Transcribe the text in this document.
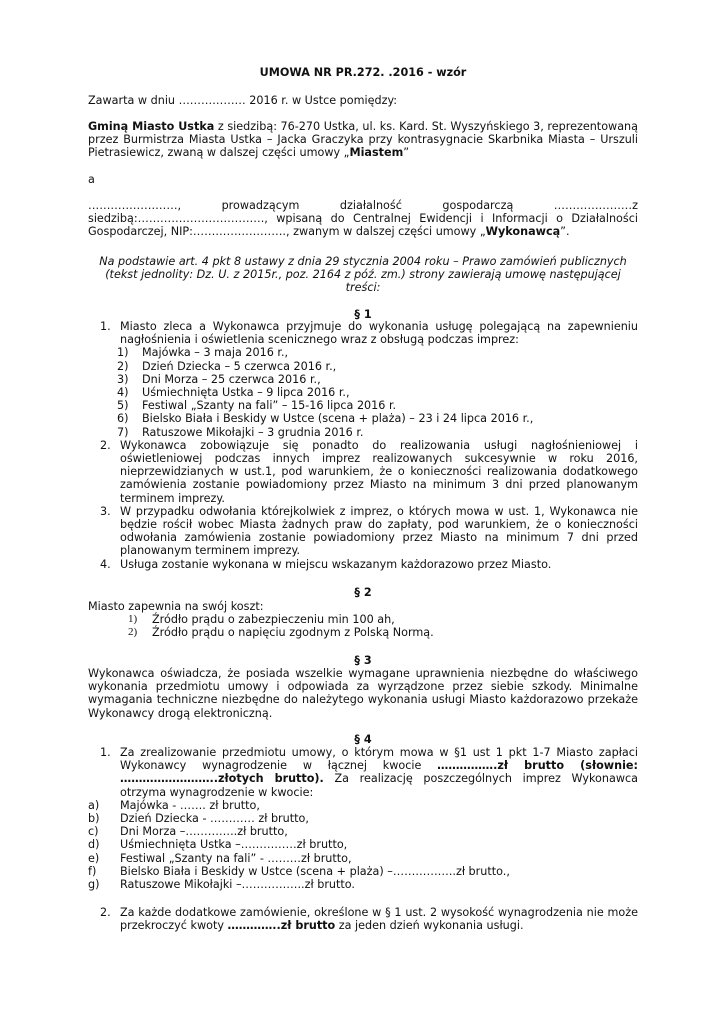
UMOWA NR PR.272. .2016 - wzór

Zawarta w dniu ……………… 2016 r. w Ustce pomiędzy:

Gminą Miasto Ustka z siedzibą: 76-270 Ustka, ul. ks. Kard. St. Wyszyńskiego 3, reprezentowaną przez Burmistrza Miasta Ustka – Jacka Graczyka przy kontrasygnacie Skarbnika Miasta – Urszuli Pietrasiewicz, zwaną w dalszej części umowy „Miastem”

a

……………………, prowadzącym działalność gospodarczą …………………z siedzibą:……………………………., wpisaną do Centralnej Ewidencji i Informacji o Działalności Gospodarczej, NIP:……………………., zwanym w dalszej części umowy „Wykonawcą”.

Na podstawie art. 4 pkt 8 ustawy z dnia 29 stycznia 2004 roku – Prawo zamówień publicznych (tekst jednolity: Dz. U. z 2015r., poz. 2164 z póź. zm.) strony zawierają umowę następującej treści:

§ 1

1. Miasto zleca a Wykonawca przyjmuje do wykonania usługę polegającą na zapewnieniu nagłośnienia i oświetlenia scenicznego wraz z obsługą podczas imprez:
1) Majówka – 3 maja 2016 r.,
2) Dzień Dziecka – 5 czerwca 2016 r.,
3) Dni Morza – 25 czerwca 2016 r.,
4) Uśmiechnięta Ustka – 9 lipca 2016 r.,
5) Festiwal „Szanty na fali” – 15-16 lipca 2016 r.
6) Bielsko Biała i Beskidy w Ustce (scena + plaża) – 23 i 24 lipca 2016 r.,
7) Ratuszowe Mikołajki – 3 grudnia 2016 r.
2. Wykonawca zobowiązuje się ponadto do realizowania usługi nagłośnieniowej i oświetleniowej podczas innych imprez realizowanych sukcesywnie w roku 2016, nieprzewidzianych w ust.1, pod warunkiem, że o konieczności realizowania dodatkowego zamówienia zostanie powiadomiony przez Miasto na minimum 3 dni przed planowanym terminem imprezy.
3. W przypadku odwołania którejkolwiek z imprez, o których mowa w ust. 1, Wykonawca nie będzie rościł wobec Miasta żadnych praw do zapłaty, pod warunkiem, że o konieczności odwołania zamówienia zostanie powiadomiony przez Miasto na minimum 7 dni przed planowanym terminem imprezy.
4. Usługa zostanie wykonana w miejscu wskazanym każdorazowo przez Miasto.

§ 2

Miasto zapewnia na swój koszt:
1) Źródło prądu o zabezpieczeniu min 100 ah,
2) Źródło prądu o napięciu zgodnym z Polską Normą.

§ 3

Wykonawca oświadcza, że posiada wszelkie wymagane uprawnienia niezbędne do właściwego wykonania przedmiotu umowy i odpowiada za wyrządzone przez siebie szkody. Minimalne wymagania techniczne niezbędne do należytego wykonania usługi Miasto każdorazowo przekaże Wykonawcy drogą elektroniczną.

§ 4

1. Za zrealizowanie przedmiotu umowy, o którym mowa w §1 ust 1 pkt 1-7 Miasto zapłaci Wykonawcy wynagrodzenie w łącznej kwocie …………….zł brutto (słownie: ……………………..złotych brutto). Za realizację poszczególnych imprez Wykonawca otrzyma wynagrodzenie w kwocie:
a) Majówka - ……. zł brutto,
b) Dzień Dziecka - ………… zł brutto,
c) Dni Morza –…………..zł brutto,
d) Uśmiechnięta Ustka –……………zł brutto,
e) Festiwal „Szanty na fali” - ………zł brutto,
f) Bielsko Biała i Beskidy w Ustce (scena + plaża) –……………..zł brutto.,
g) Ratuszowe Mikołajki –……………..zł brutto.
2. Za każde dodatkowe zamówienie, określone w § 1 ust. 2 wysokość wynagrodzenia nie może przekroczyć kwoty …………..zł brutto za jeden dzień wykonania usługi.
